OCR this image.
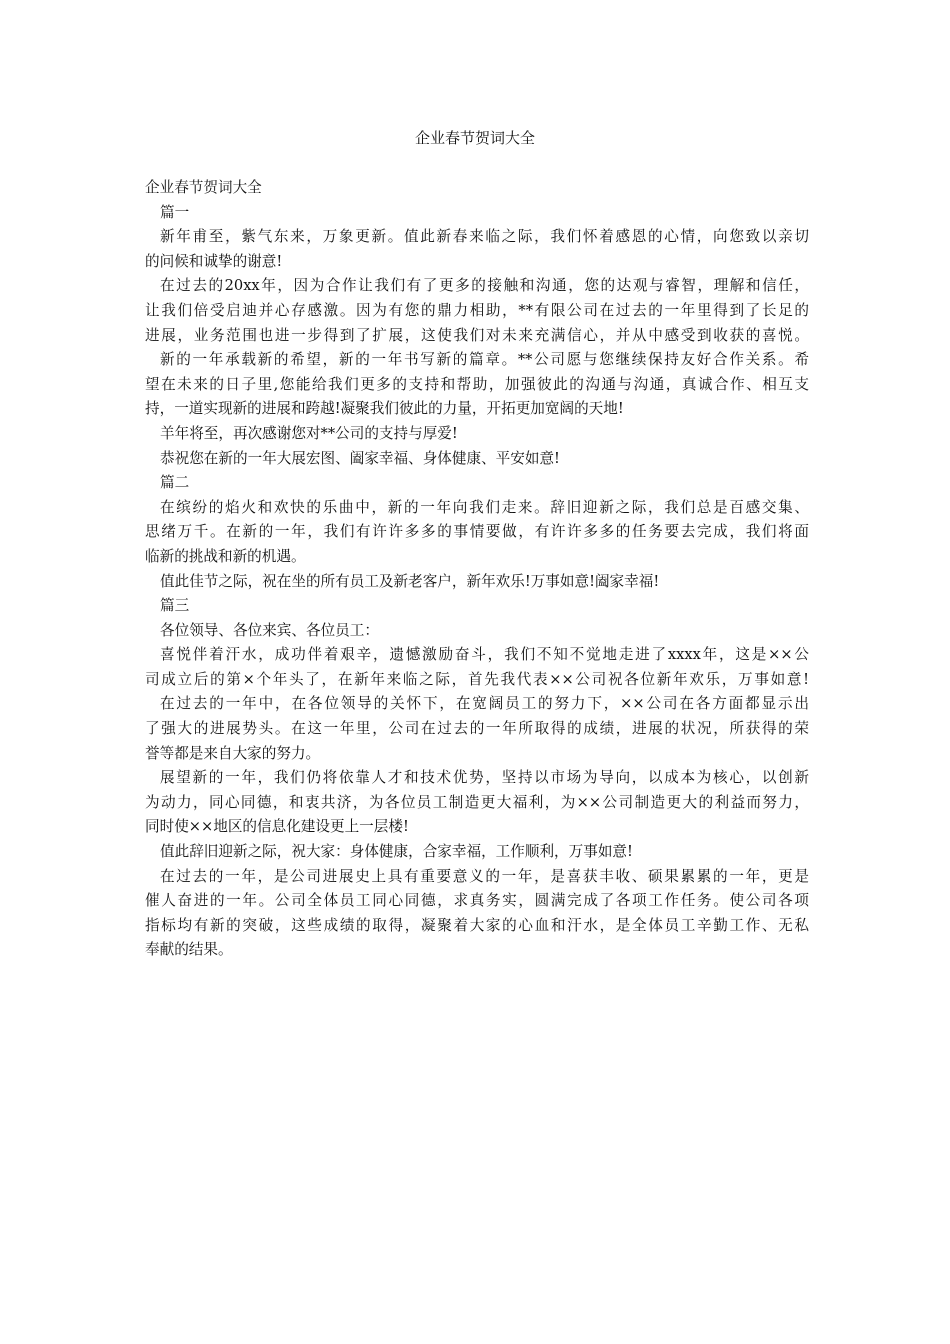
企业春节贺词大全
企业春节贺词大全
篇一
新年甫至，紫气东来，万象更新。值此新春来临之际，我们怀着感恩的心情，向您致以亲切
的问候和诚挚的谢意!
在过去的20xx年，因为合作让我们有了更多的接触和沟通，您的达观与睿智，理解和信任，
让我们倍受启迪并心存感激。因为有您的鼎力相助，**有限公司在过去的一年里得到了长足的
进展，业务范围也进一步得到了扩展，这使我们对未来充满信心，并从中感受到收获的喜悦。
新的一年承载新的希望，新的一年书写新的篇章。**公司愿与您继续保持友好合作关系。希
望在未来的日子里,您能给我们更多的支持和帮助，加强彼此的沟通与沟通，真诚合作、相互支
持，一道实现新的进展和跨越!凝聚我们彼此的力量，开拓更加宽阔的天地!
羊年将至，再次感谢您对**公司的支持与厚爱!
恭祝您在新的一年大展宏图、阖家幸福、身体健康、平安如意!
篇二
在缤纷的焰火和欢快的乐曲中，新的一年向我们走来。辞旧迎新之际，我们总是百感交集、
思绪万千。在新的一年，我们有许许多多的事情要做，有许许多多的任务要去完成，我们将面
临新的挑战和新的机遇。
值此佳节之际，祝在坐的所有员工及新老客户，新年欢乐!万事如意!阖家幸福!
篇三
各位领导、各位来宾、各位员工：
喜悦伴着汗水，成功伴着艰辛，遗憾激励奋斗，我们不知不觉地走进了xxxx年，这是××公
司成立后的第×个年头了，在新年来临之际，首先我代表××公司祝各位新年欢乐，万事如意!
在过去的一年中，在各位领导的关怀下，在宽阔员工的努力下，××公司在各方面都显示出
了强大的进展势头。在这一年里，公司在过去的一年所取得的成绩，进展的状况，所获得的荣
誉等都是来自大家的努力。
展望新的一年，我们仍将依靠人才和技术优势，坚持以市场为导向，以成本为核心，以创新
为动力，同心同德，和衷共济，为各位员工制造更大福利，为××公司制造更大的利益而努力，
同时使××地区的信息化建设更上一层楼!
值此辞旧迎新之际，祝大家：身体健康，合家幸福，工作顺利，万事如意!
在过去的一年，是公司进展史上具有重要意义的一年，是喜获丰收、硕果累累的一年，更是
催人奋进的一年。公司全体员工同心同德，求真务实，圆满完成了各项工作任务。使公司各项
指标均有新的突破，这些成绩的取得，凝聚着大家的心血和汗水，是全体员工辛勤工作、无私
奉献的结果。
